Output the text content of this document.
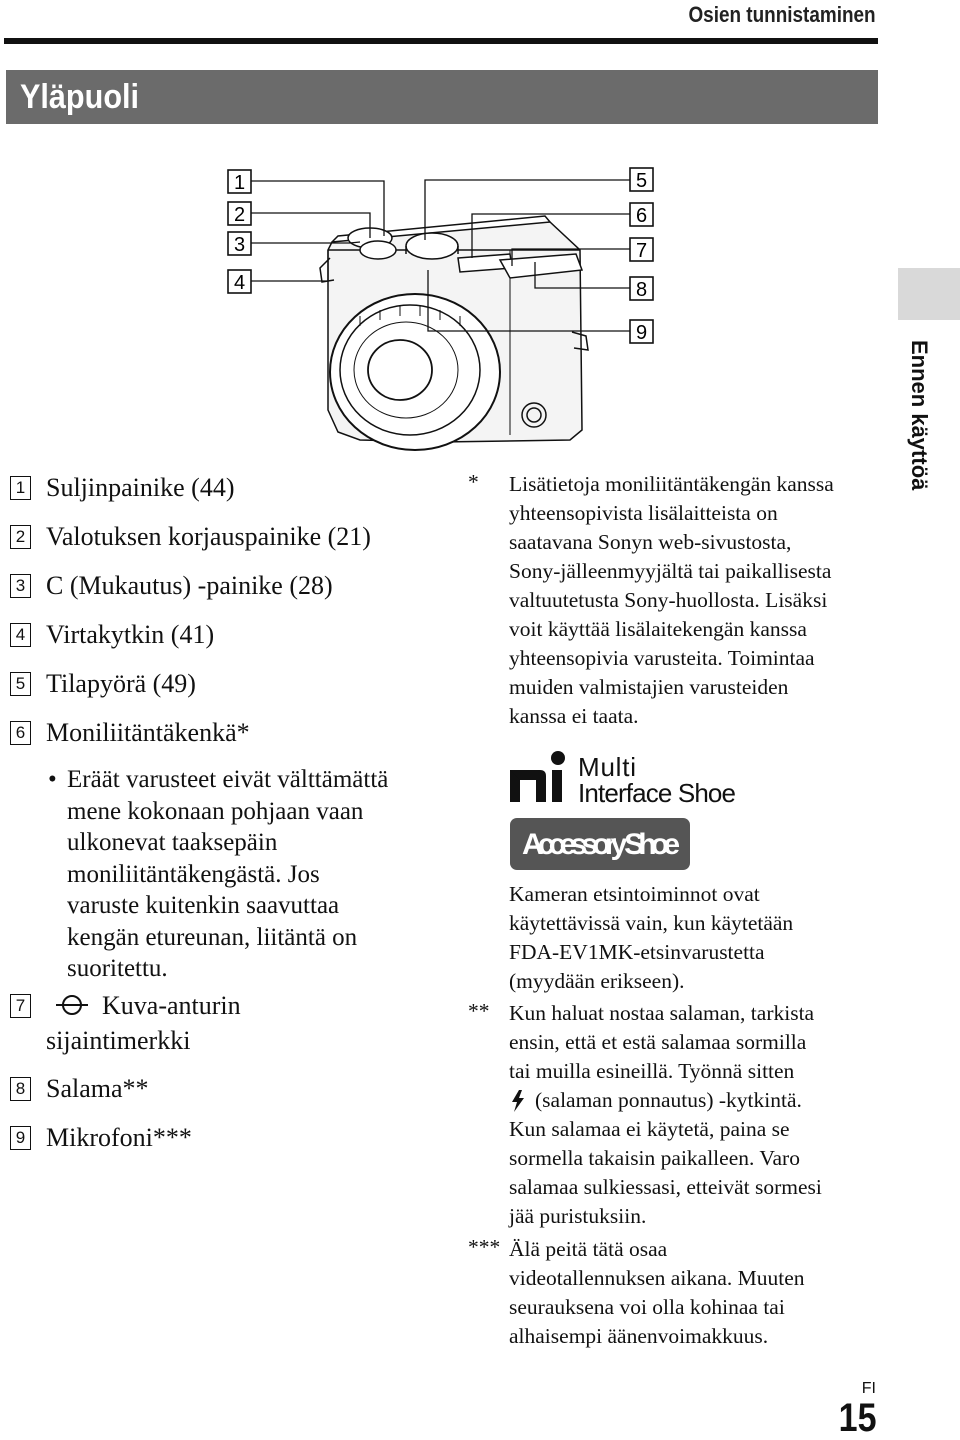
Osien tunnistaminen
Yläpuoli
Ennen käyttöä
1
2
3
4
5
6
7
8
9
1 Suljinpainike (44)
2 Valotuksen korjauspainike (21)
3 C (Mukautus) -painike (28)
4 Virtakytkin (41)
5 Tilapyörä (49)
6 Moniliitäntäkenkä*
• Eräät varusteet eivät välttämättä
mene kokonaan pohjaan vaan
ulkonevat taaksepäin
moniliitäntäkengästä. Jos
varuste kuitenkin saavuttaa
kengän etureunan, liitäntä on
suoritettu.
7	Kuva-anturin
sijaintimerkki
8 Salama**
9 Mikrofoni***
* Lisätietoja moniliitäntäkengän kanssa
yhteensopivista lisälaitteista on
saatavana Sonyn web-sivustosta,
Sony-jälleenmyyjältä tai paikallisesta
valtuutetusta Sony-huollosta. Lisäksi
voit käyttää lisälaitekengän kanssa
yhteensopivia varusteita. Toimintaa
muiden valmistajien varusteiden
kanssa ei taata.
Multi
Interface Shoe
Accessory Shoe
Kameran etsintoiminnot ovat
käytettävissä vain, kun käytetään
FDA-EV1MK-etsinvarustetta
(myydään erikseen).
** Kun haluat nostaa salaman, tarkista
ensin, että et estä salamaa sormilla
tai muilla esineillä. Työnnä sitten
(salaman ponnautus) -kytkintä.
Kun salamaa ei käytetä, paina se
sormella takaisin paikalleen. Varo
salamaa sulkiessasi, etteivät sormesi
jää puristuksiin.
*** Älä peitä tätä osaa
videotallennuksen aikana. Muuten
seurauksena voi olla kohinaa tai
alhaisempi äänenvoimakkuus.
FI
15
